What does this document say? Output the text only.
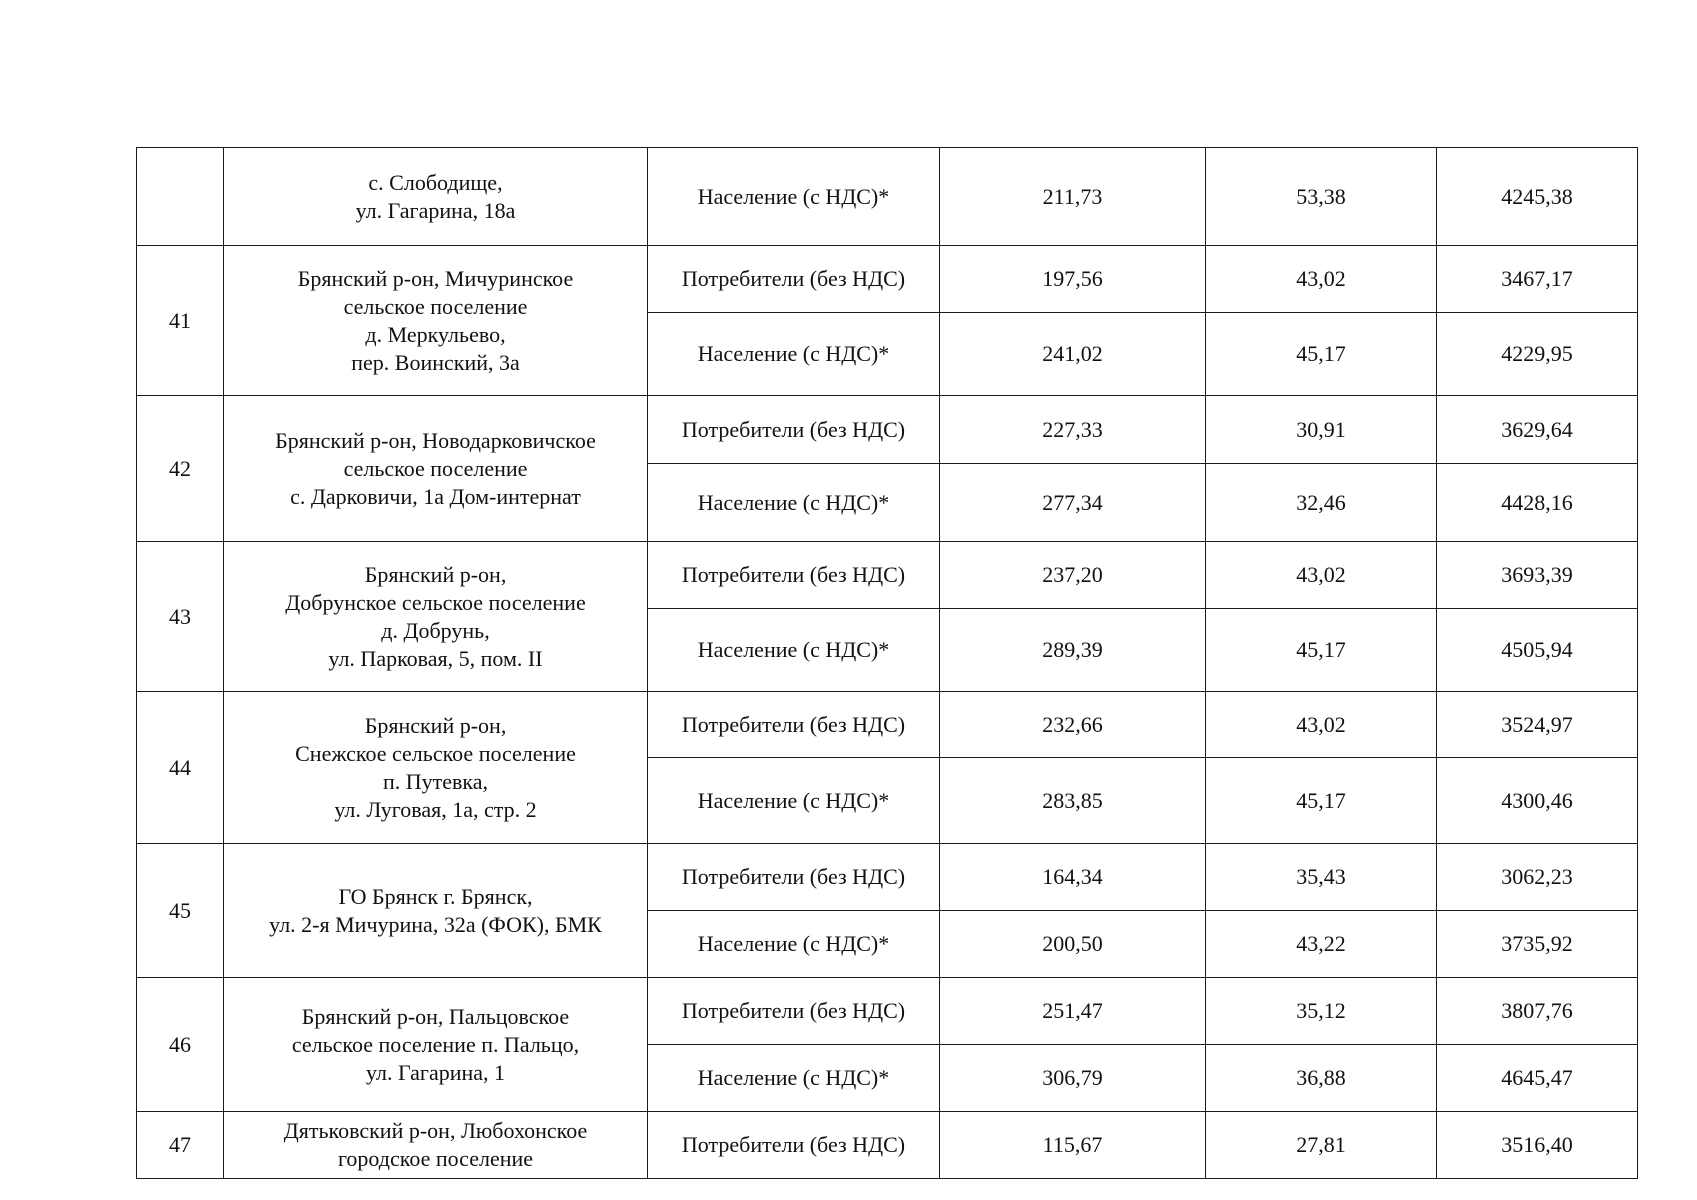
	с. Слободище,
ул. Гагарина, 18а	Население (с НДС)*	211,73	53,38	4245,38
41	Брянский р-он, Мичуринское
сельское поселение
д. Меркульево,
пер. Воинский, 3а	Потребители (без НДС)	197,56	43,02	3467,17
		Население (с НДС)*	241,02	45,17	4229,95
42	Брянский р-он, Новодарковичское
сельское поселение
с. Дарковичи, 1а Дом-интернат	Потребители (без НДС)	227,33	30,91	3629,64
		Население (с НДС)*	277,34	32,46	4428,16
43	Брянский р-он,
Добрунское сельское поселение
д. Добрунь,
ул. Парковая, 5, пом. II	Потребители (без НДС)	237,20	43,02	3693,39
		Население (с НДС)*	289,39	45,17	4505,94
44	Брянский р-он,
Снежское сельское поселение
п. Путевка,
ул. Луговая, 1а, стр. 2	Потребители (без НДС)	232,66	43,02	3524,97
		Население (с НДС)*	283,85	45,17	4300,46
45	ГО Брянск г. Брянск,
ул. 2-я Мичурина, 32а (ФОК), БМК	Потребители (без НДС)	164,34	35,43	3062,23
		Население (с НДС)*	200,50	43,22	3735,92
46	Брянский р-он, Пальцовское
сельское поселение п. Пальцо,
ул. Гагарина, 1	Потребители (без НДС)	251,47	35,12	3807,76
		Население (с НДС)*	306,79	36,88	4645,47
47	Дятьковский р-он, Любохонское
городское поселение	Потребители (без НДС)	115,67	27,81	3516,40
